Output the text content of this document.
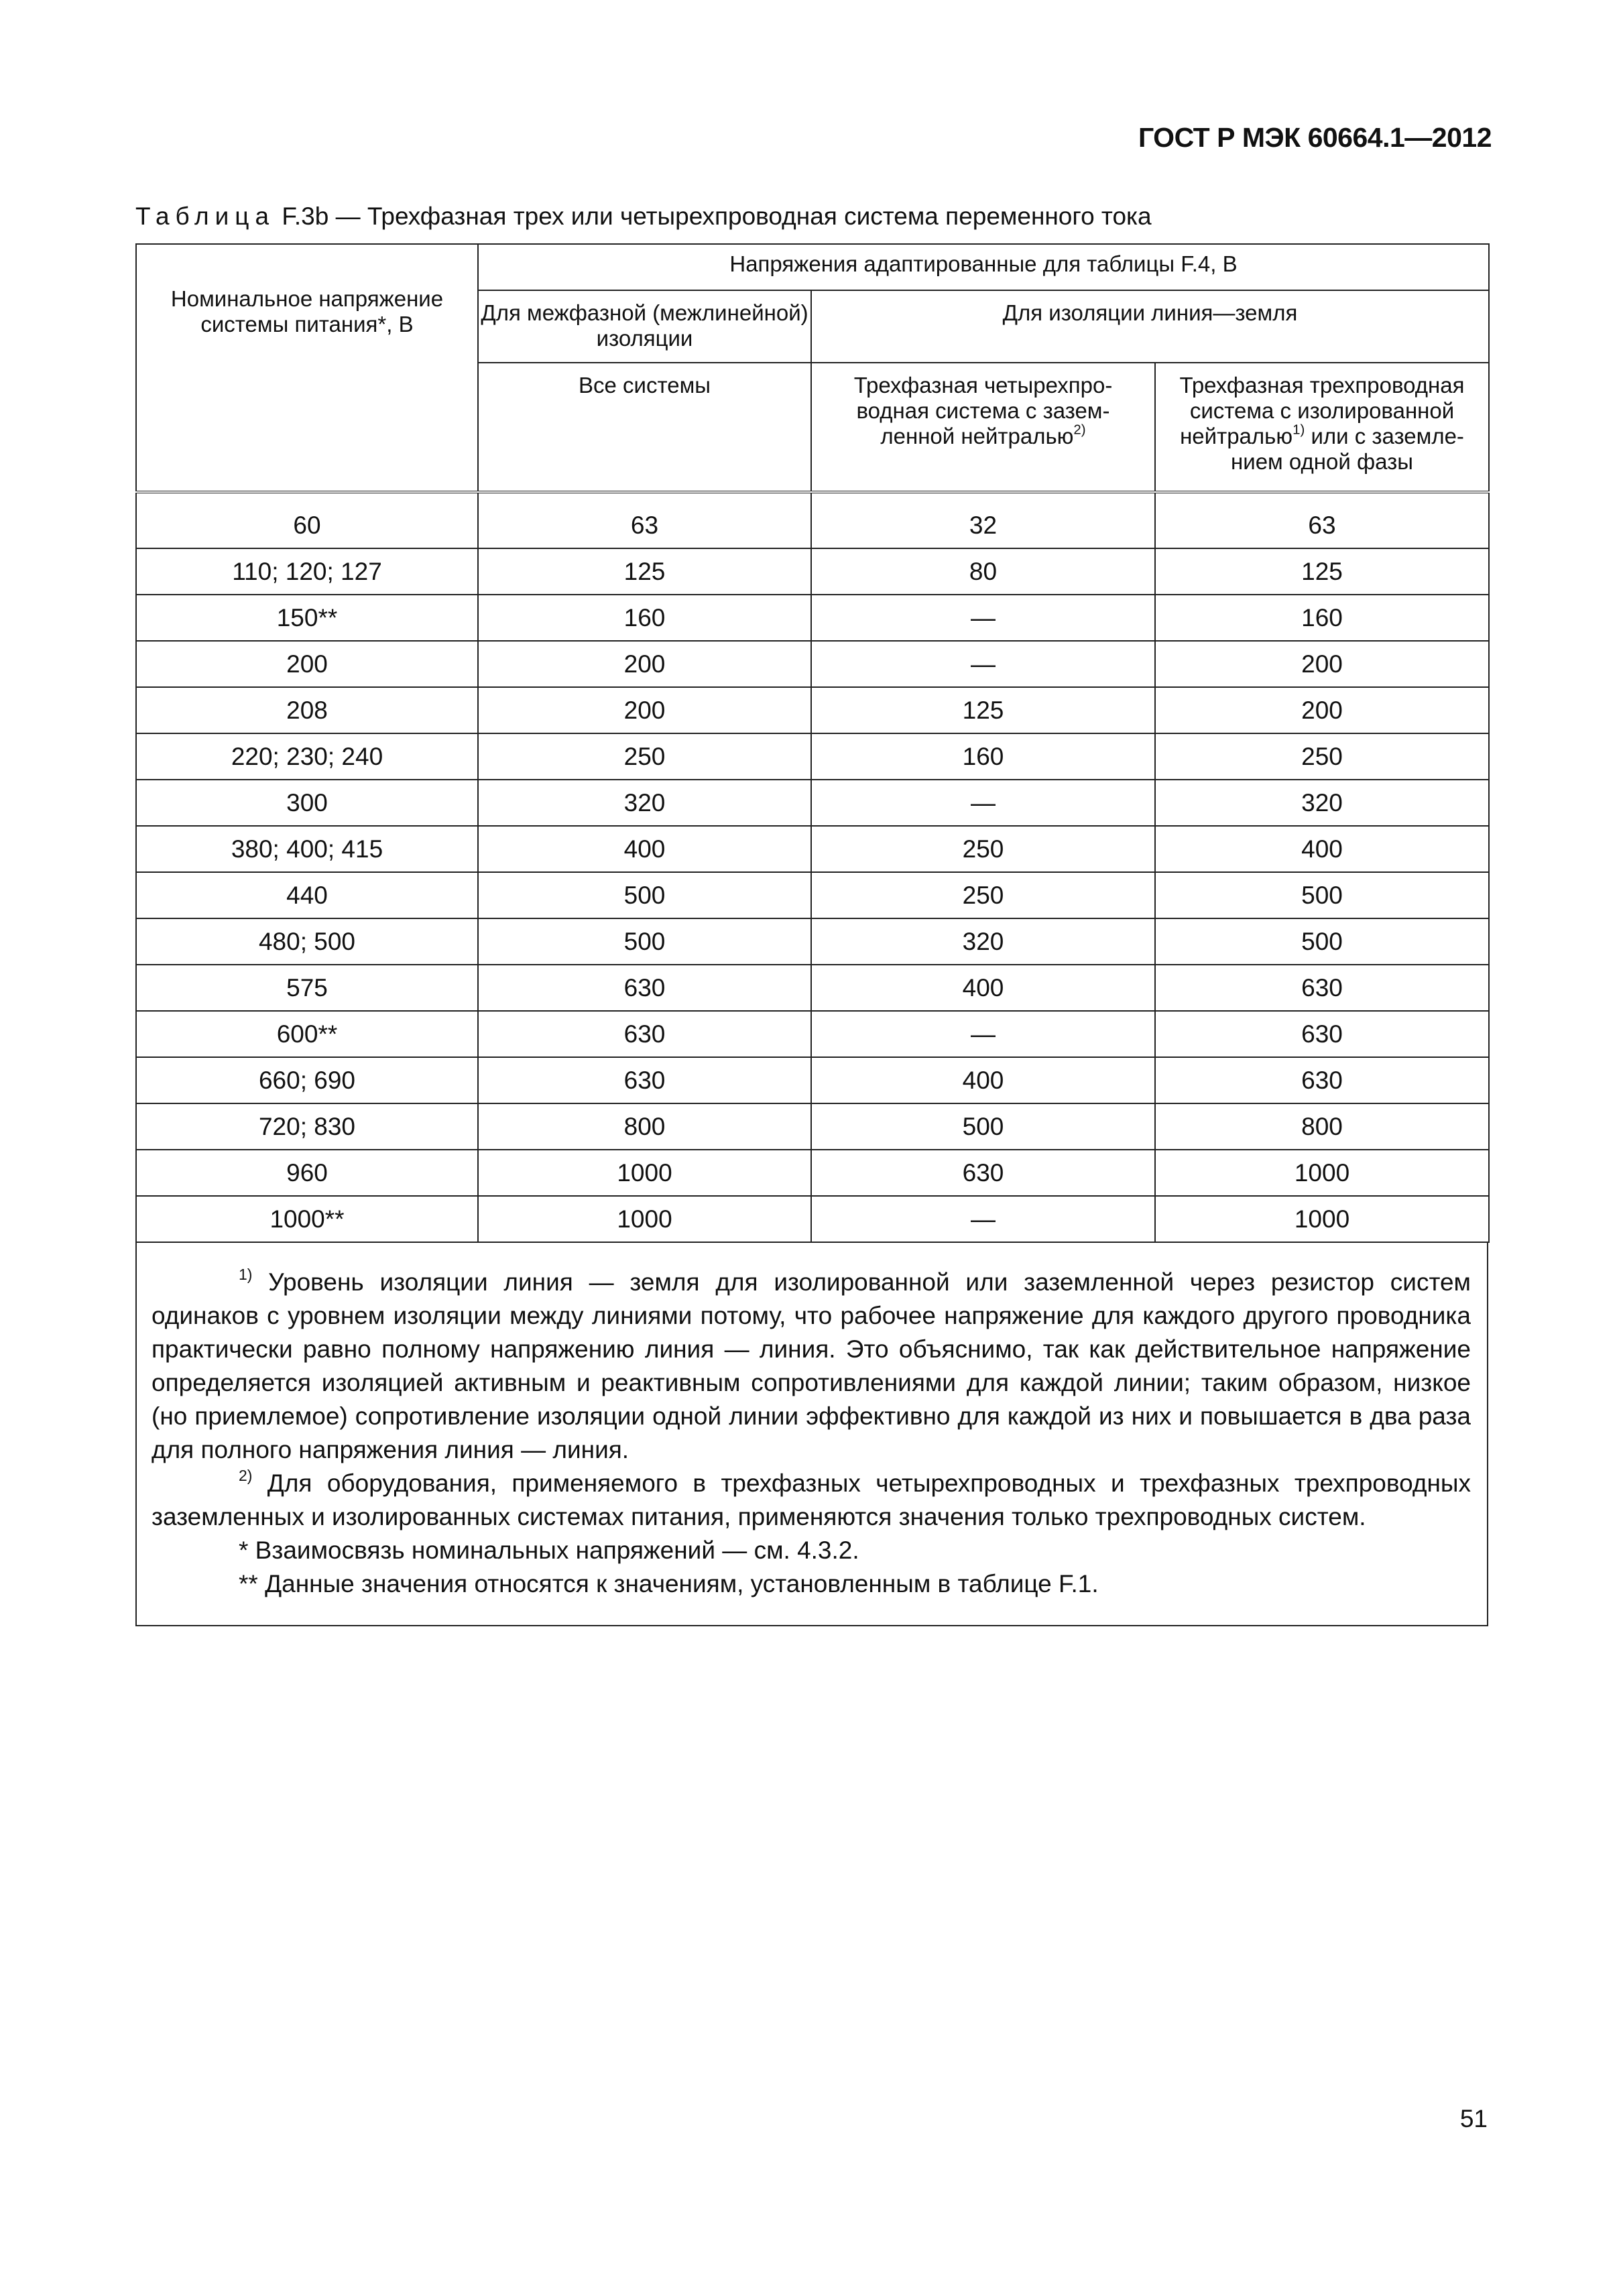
ГОСТ Р МЭК 60664.1—2012
Таблица F.3b — Трехфазная трех или четырехпроводная система переменного тока
Номинальное напряжение системы питания*, В	Напряжения адаптированные для таблицы F.4, В		
	Для межфазной (межлинейной) изоляции	Для изоляции линия—земля	
	Все системы	Трехфазная четырехпро-водная система с зазем-ленной нейтралью$^{2)}$	Трехфазная трехпроводная система с изолированной нейтралью$^{1)}$ или с заземле-нием одной фазы

60	63	32	63
110; 120; 127	125	80	125
150**	160	—	160
200	200	—	200
208	200	125	200
220; 230; 240	250	160	250
300	320	—	320
380; 400; 415	400	250	400
440	500	250	500
480; 500	500	320	500
575	630	400	630
600**	630	—	630
660; 690	630	400	630
720; 830	800	500	800
960	1000	630	1000
1000**	1000	—	1000

$^{1)}$ Уровень изоляции линия — земля для изолированной или заземленной через резистор систем одинаков с уровнем изоляции между линиями потому, что рабочее напряжение для каждого другого проводника практически равно полному напряжению линия — линия. Это объяснимо, так как действительное напряжение определяется изоляцией активным и реактивным сопротивлениями для каждой линии; таким образом, низкое (но приемлемое) сопротивление изоляции одной линии эффективно для каждой из них и повышается в два раза для полного напряжения линия — линия.

$^{2)}$ Для оборудования, применяемого в трехфазных четырехпроводных и трехфазных трехпроводных заземленных и изолированных системах питания, применяются значения только трехпроводных систем.

* Взаимосвязь номинальных напряжений — см. 4.3.2.

** Данные значения относятся к значениям, установленным в таблице F.1.

51
